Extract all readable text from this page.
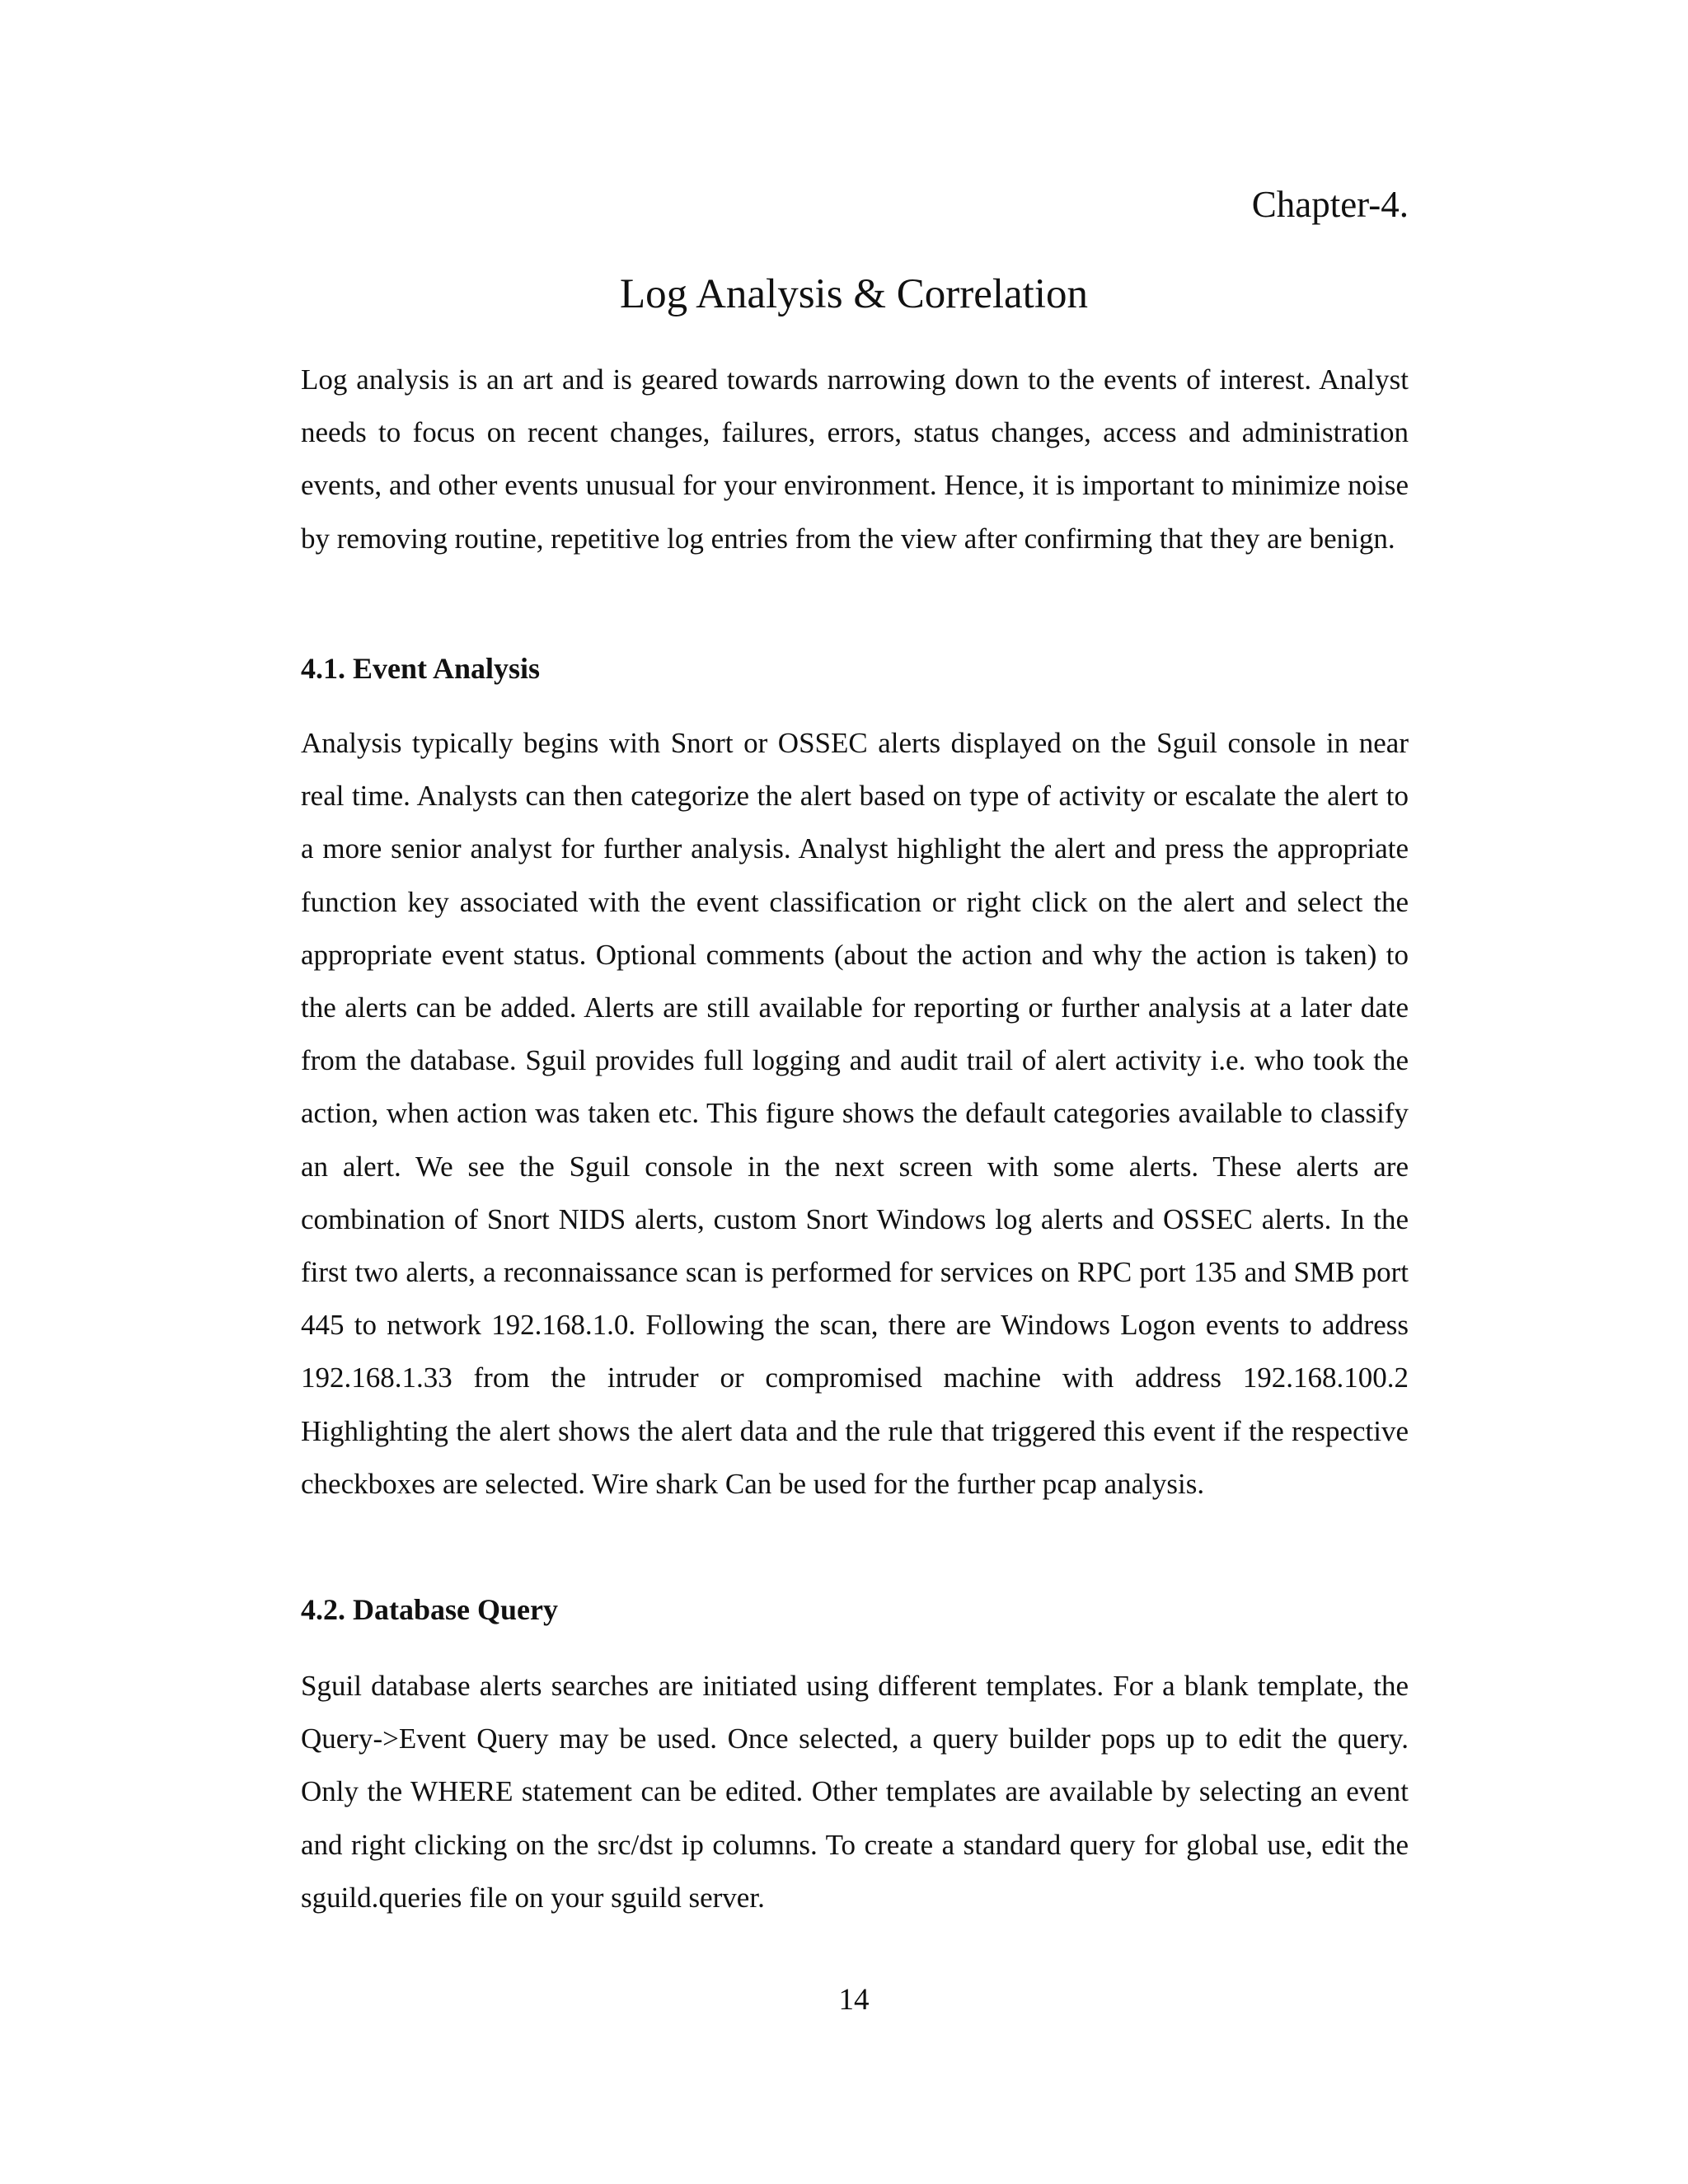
Chapter-4.
Log Analysis & Correlation

Log analysis is an art and is geared towards narrowing down to the events of interest. Analyst needs to focus on recent changes, failures, errors, status changes, access and administration events, and other events unusual for your environment. Hence, it is important to minimize noise by removing routine, repetitive log entries from the view after confirming that they are benign.

4.1. Event Analysis

Analysis typically begins with Snort or OSSEC alerts displayed on the Sguil console in near real time. Analysts can then categorize the alert based on type of activity or escalate the alert to a more senior analyst for further analysis. Analyst highlight the alert and press the appropriate function key associated with the event classification or right click on the alert and select the appropriate event status. Optional comments (about the action and why the action is taken) to the alerts can be added. Alerts are still available for reporting or further analysis at a later date from the database. Sguil provides full logging and audit trail of alert activity i.e. who took the action, when action was taken etc. This figure shows the default categories available to classify an alert. We see the Sguil console in the next screen with some alerts. These alerts are combination of Snort NIDS alerts, custom Snort Windows log alerts and OSSEC alerts. In the first two alerts, a reconnaissance scan is performed for services on RPC port 135 and SMB port 445 to network 192.168.1.0. Following the scan, there are Windows Logon events to address 192.168.1.33 from the intruder or compromised machine with address 192.168.100.2 Highlighting the alert shows the alert data and the rule that triggered this event if the respective checkboxes are selected. Wire shark Can be used for the further pcap analysis.

4.2. Database Query

Sguil database alerts searches are initiated using different templates. For a blank template, the Query->Event Query may be used. Once selected, a query builder pops up to edit the query. Only the WHERE statement can be edited. Other templates are available by selecting an event and right clicking on the src/dst ip columns. To create a standard query for global use, edit the sguild.queries file on your sguild server.

14
